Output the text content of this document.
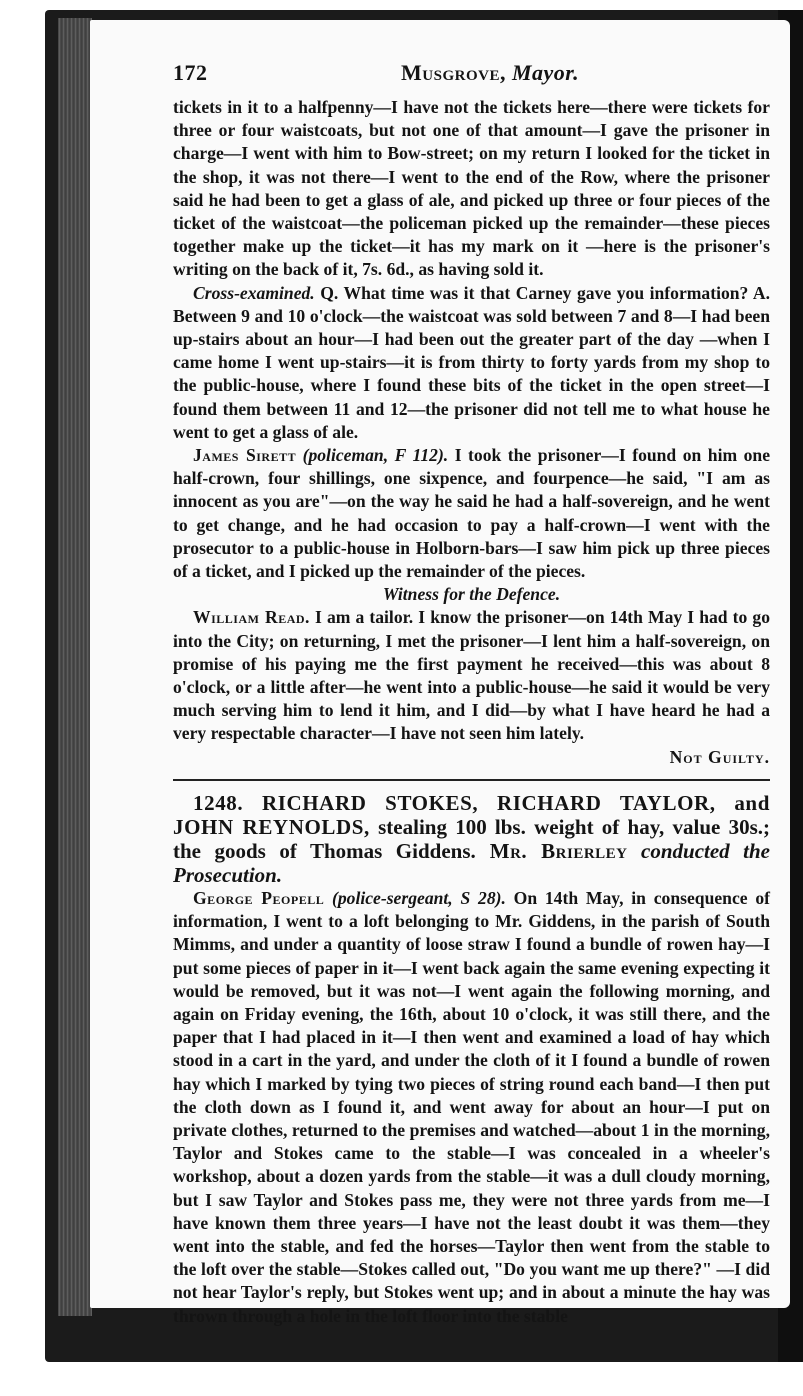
172	Musgrove, Mayor.

tickets in it to a halfpenny—I have not the tickets here—there were tickets for three or four waistcoats, but not one of that amount—I gave the prisoner in charge—I went with him to Bow-street; on my return I looked for the ticket in the shop, it was not there—I went to the end of the Row, where the prisoner said he had been to get a glass of ale, and picked up three or four pieces of the ticket of the waistcoat—the policeman picked up the remainder—these pieces together make up the ticket—it has my mark on it —here is the prisoner's writing on the back of it, 7s. 6d., as having sold it.

Cross-examined. Q. What time was it that Carney gave you information? A. Between 9 and 10 o'clock—the waistcoat was sold between 7 and 8—I had been up-stairs about an hour—I had been out the greater part of the day —when I came home I went up-stairs—it is from thirty to forty yards from my shop to the public-house, where I found these bits of the ticket in the open street—I found them between 11 and 12—the prisoner did not tell me to what house he went to get a glass of ale.

James Sirett (policeman, F 112). I took the prisoner—I found on him one half-crown, four shillings, one sixpence, and fourpence—he said, "I am as innocent as you are"—on the way he said he had a half-sovereign, and he went to get change, and he had occasion to pay a half-crown—I went with the prosecutor to a public-house in Holborn-bars—I saw him pick up three pieces of a ticket, and I picked up the remainder of the pieces.

Witness for the Defence.

William Read. I am a tailor. I know the prisoner—on 14th May I had to go into the City; on returning, I met the prisoner—I lent him a half-sovereign, on promise of his paying me the first payment he received—this was about 8 o'clock, or a little after—he went into a public-house—he said it would be very much serving him to lend it him, and I did—by what I have heard he had a very respectable character—I have not seen him lately.

Not Guilty.

1248. RICHARD STOKES, RICHARD TAYLOR, and JOHN REYNOLDS, stealing 100 lbs. weight of hay, value 30s.; the goods of Thomas Giddens. Mr. Brierley conducted the Prosecution.

George Peopell (police-sergeant, S 28). On 14th May, in consequence of information, I went to a loft belonging to Mr. Giddens, in the parish of South Mimms, and under a quantity of loose straw I found a bundle of rowen hay—I put some pieces of paper in it—I went back again the same evening expecting it would be removed, but it was not—I went again the following morning, and again on Friday evening, the 16th, about 10 o'clock, it was still there, and the paper that I had placed in it—I then went and examined a load of hay which stood in a cart in the yard, and under the cloth of it I found a bundle of rowen hay which I marked by tying two pieces of string round each band—I then put the cloth down as I found it, and went away for about an hour—I put on private clothes, returned to the premises and watched—about 1 in the morning, Taylor and Stokes came to the stable—I was concealed in a wheeler's workshop, about a dozen yards from the stable—it was a dull cloudy morning, but I saw Taylor and Stokes pass me, they were not three yards from me—I have known them three years—I have not the least doubt it was them—they went into the stable, and fed the horses—Taylor then went from the stable to the loft over the stable—Stokes called out, "Do you want me up there?" —I did not hear Taylor's reply, but Stokes went up; and in about a minute the hay was thrown through a hole in the loft floor into the stable
